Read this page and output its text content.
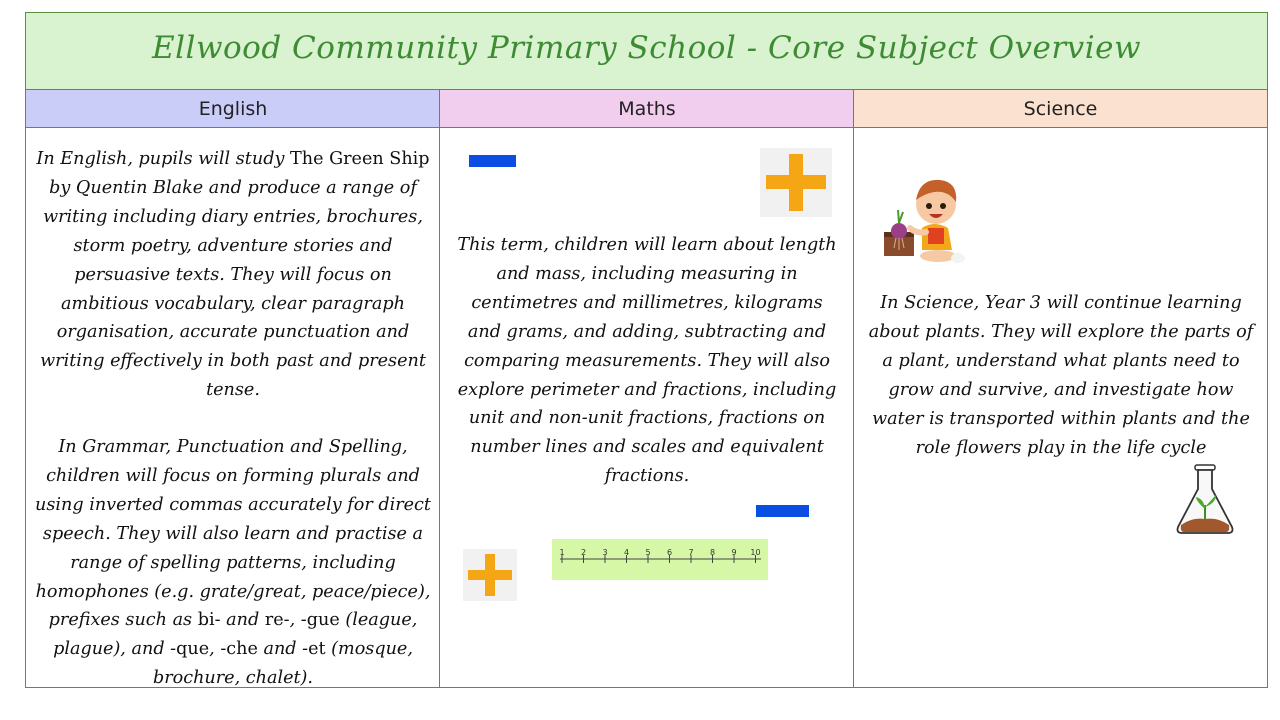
Ellwood Community Primary School - Core Subject Overview
English	Maths	Science

In English, pupils will study The Green Ship by Quentin Blake and produce a range of writing including diary entries, brochures, storm poetry, adventure stories and persuasive texts. They will focus on ambitious vocabulary, clear paragraph organisation, accurate punctuation and writing effectively in both past and present tense.

In Grammar, Punctuation and Spelling, children will focus on forming plurals and using inverted commas accurately for direct speech. They will also learn and practise a range of spelling patterns, including homophones (e.g. grate/great, peace/piece), prefixes such as bi- and re-, -gue (league, plague), and -que, -che and -et (mosque, brochure, chalet).

This term, children will learn about length and mass, including measuring in centimetres and millimetres, kilograms and grams, and adding, subtracting and comparing measurements. They will also explore perimeter and fractions, including unit and non-unit fractions, fractions on number lines and scales and equivalent fractions.

1 2 3 4 5 6 7 8 9 10

In Science, Year 3 will continue learning about plants. They will explore the parts of a plant, understand what plants need to grow and survive, and investigate how water is transported within plants and the role flowers play in the life cycle
